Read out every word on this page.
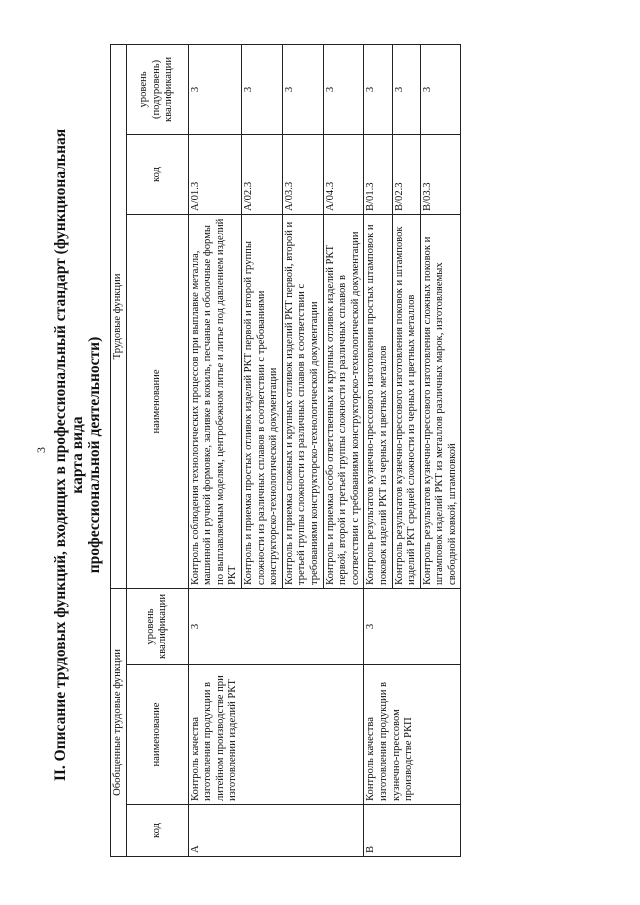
3 II. Описание трудовых функций, входящих в профессиональный стандарт (функциональная карта вида профессиональной деятельности)
Обобщенные трудовые функции			Трудовые функции		
код	наименование	уровень квалификации	наименование	код	уровень (подуровень) квалификации
А	Контроль качества изготовления продукции в литейном производстве при изготовлении изделий РКТ	3	Контроль соблюдения технологических процессов при выплавке металла, машинной и ручной формовке, заливке в кокиль, песчаные и оболочные формы по выплавляемым моделям, центробежном литье и литье под давлением изделий РКТ	A/01.3	3
			Контроль и приемка простых отливок изделий РКТ первой и второй группы сложности из различных сплавов в соответствии с требованиями конструкторско-технологической документации	A/02.3	3
			Контроль и приемка сложных и крупных отливок изделий РКТ первой, второй и третьей группы сложности из различных сплавов в соответствии с требованиями конструкторско-технологической документации	A/03.3	3
			Контроль и приемка особо ответственных и крупных отливок изделий РКТ первой, второй и третьей группы сложности из различных сплавов в соответствии с требованиями конструкторско-технологической документации	A/04.3	3
В	Контроль качества изготовления продукции в кузнечно-прессовом производстве РКП	3	Контроль результатов кузнечно-прессового изготовления простых штамповок и поковок изделий РКТ из черных и цветных металлов	B/01.3	3
			Контроль результатов кузнечно-прессового изготовления поковок и штамповок изделий РКТ средней сложности из черных и цветных металлов	B/02.3	3
			Контроль результатов кузнечно-прессового изготовления сложных поковок и штамповок изделий РКТ из металлов различных марок, изготовляемых свободной ковкой, штамповкой	B/03.3	3
